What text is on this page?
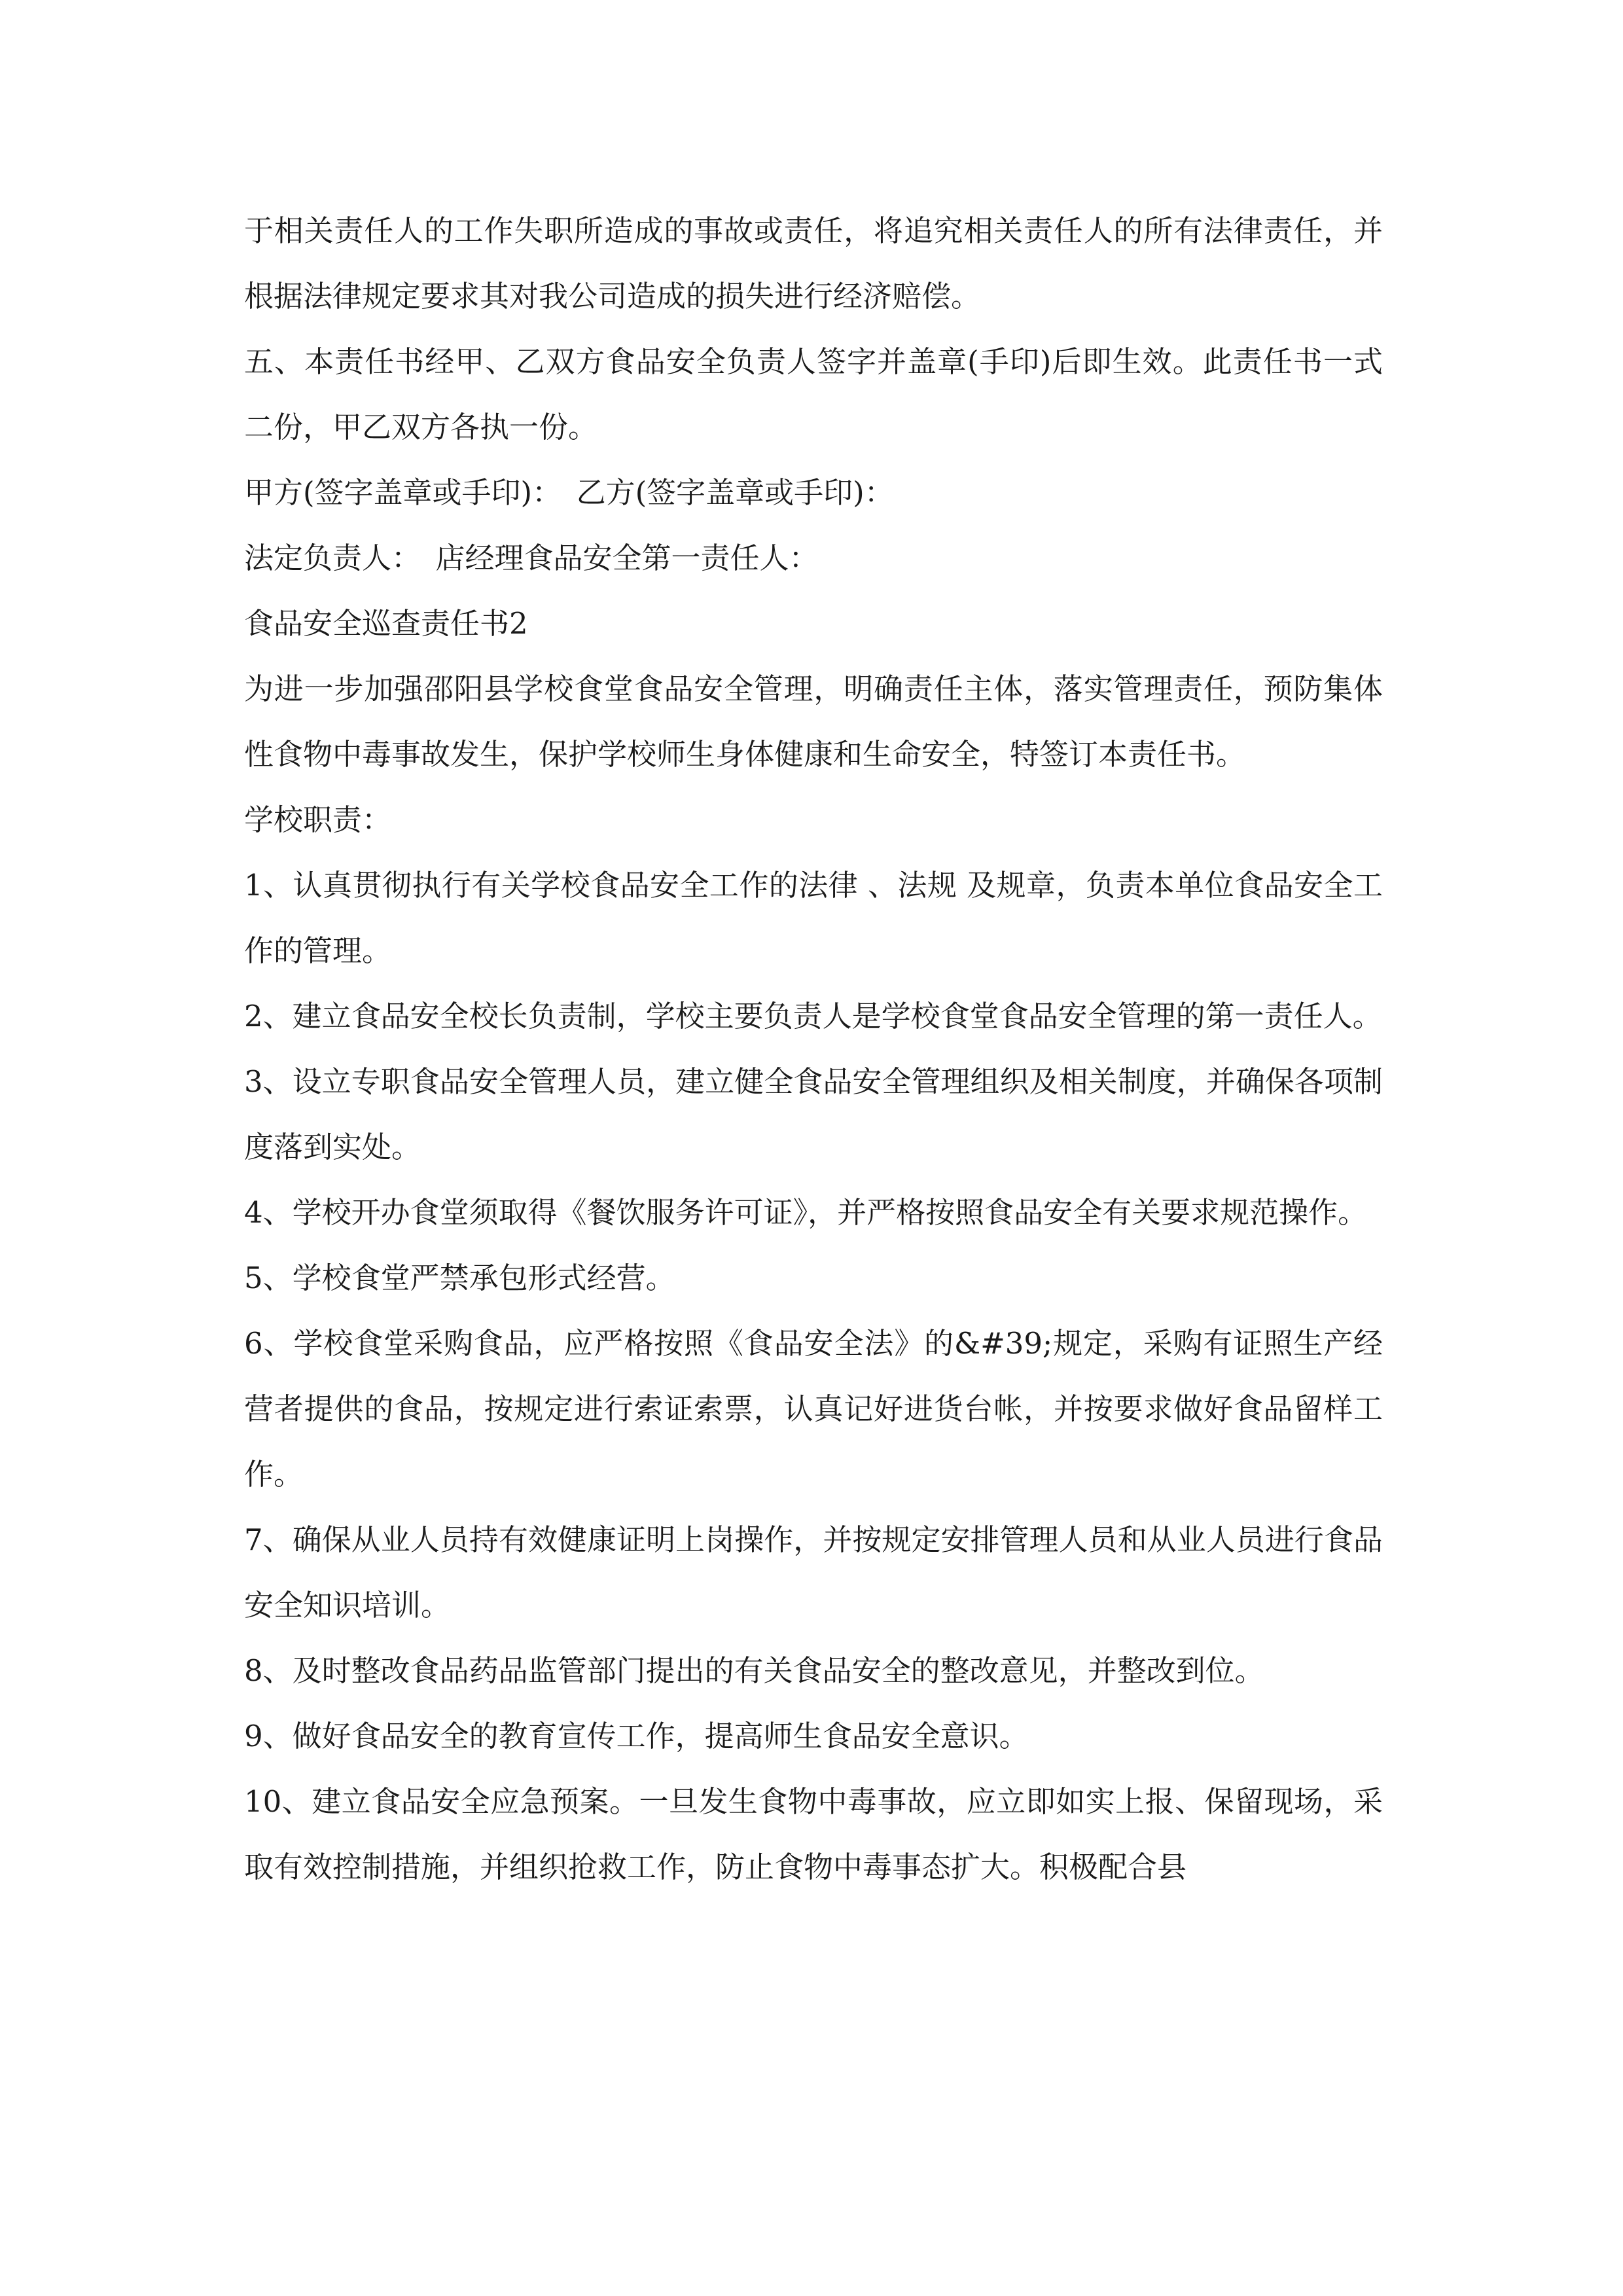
于相关责任人的工作失职所造成的事故或责任，将追究相关责任人的所有法律责任，并根据法律规定要求其对我公司造成的损失进行经济赔偿。

五、本责任书经甲、乙双方食品安全负责人签字并盖章(手印)后即生效。此责任书一式二份，甲乙双方各执一份。

甲方(签字盖章或手印)：　乙方(签字盖章或手印)：

法定负责人：　店经理食品安全第一责任人：

食品安全巡查责任书2

为进一步加强邵阳县学校食堂食品安全管理，明确责任主体，落实管理责任，预防集体性食物中毒事故发生，保护学校师生身体健康和生命安全，特签订本责任书。

学校职责：

1、认真贯彻执行有关学校食品安全工作的法律 、法规 及规章，负责本单位食品安全工作的管理。

2、建立食品安全校长负责制，学校主要负责人是学校食堂食品安全管理的第一责任人。

3、设立专职食品安全管理人员，建立健全食品安全管理组织及相关制度，并确保各项制度落到实处。

4、学校开办食堂须取得《餐饮服务许可证》，并严格按照食品安全有关要求规范操作。

5、学校食堂严禁承包形式经营。

6、学校食堂采购食品，应严格按照《食品安全法》的&#39;规定，采购有证照生产经营者提供的食品，按规定进行索证索票，认真记好进货台帐，并按要求做好食品留样工作。

7、确保从业人员持有效健康证明上岗操作，并按规定安排管理人员和从业人员进行食品安全知识培训。

8、及时整改食品药品监管部门提出的有关食品安全的整改意见，并整改到位。

9、做好食品安全的教育宣传工作，提高师生食品安全意识。

10、建立食品安全应急预案。一旦发生食物中毒事故，应立即如实上报、保留现场，采取有效控制措施，并组织抢救工作，防止食物中毒事态扩大。积极配合县
